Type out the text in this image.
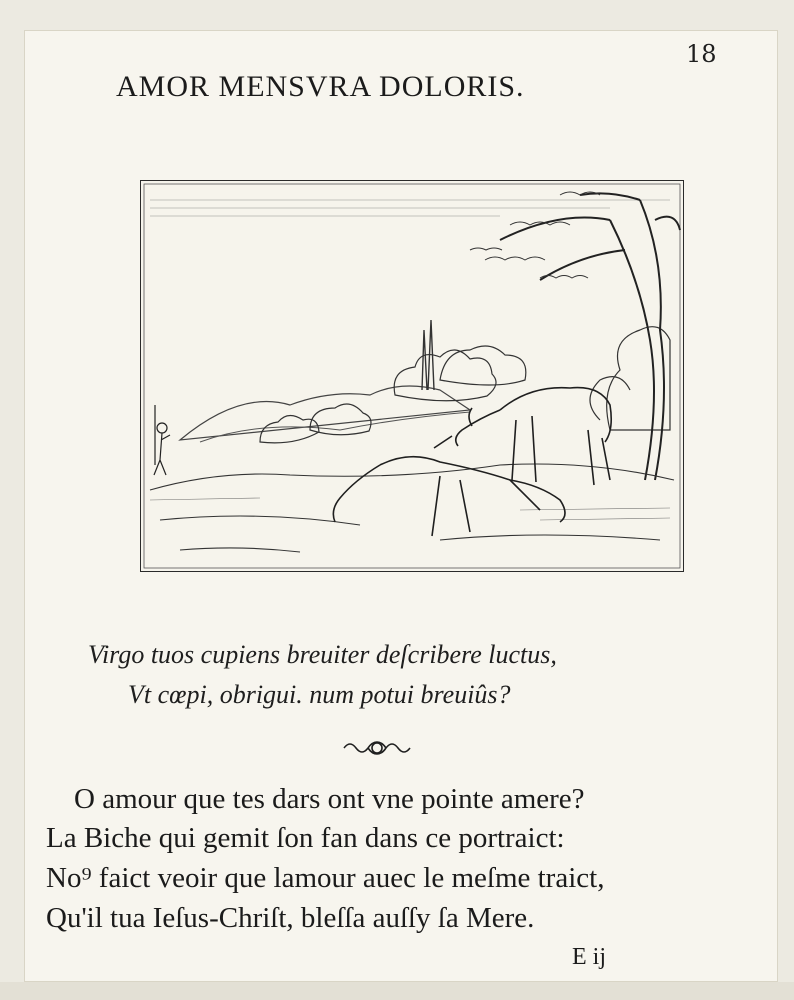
18
AMOR MENSVRA DOLORIS.
Virgo tuos cupiens breuiter deſcribere luctus,
Vt cœpi, obrigui. num potui breuiûs?
O amour que tes dars ont vne pointe amere?
La Biche qui gemit ſon fan dans ce portraict:
No⁹ faict veoir que lamour auec le meſme traict,
Qu'il tua Ieſus-Chriſt, bleſſa auſſy ſa Mere.
E ij
